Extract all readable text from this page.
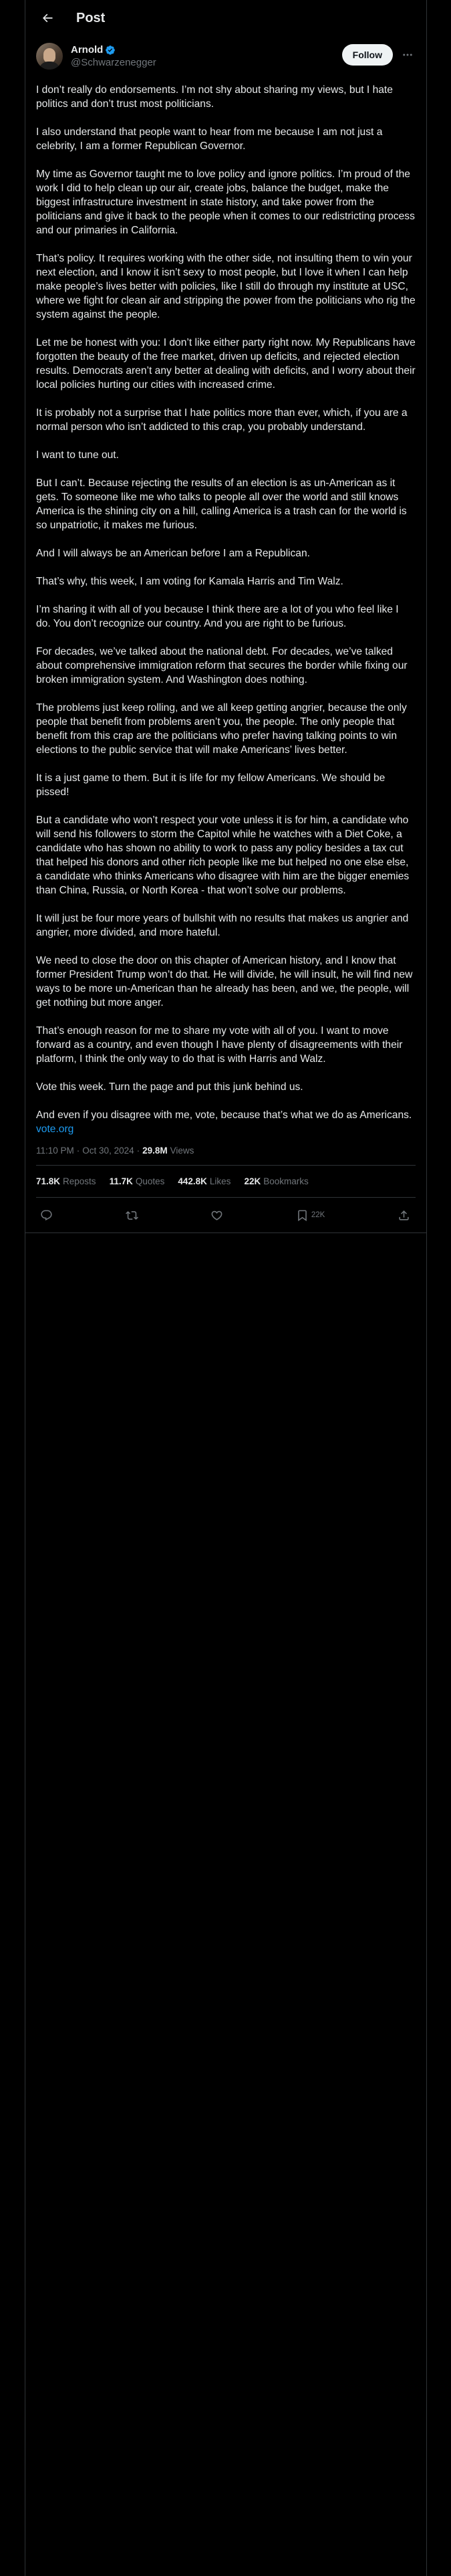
Post
Arnold
@Schwarzenegger
Follow

I don’t really do endorsements. I’m not shy about sharing my views, but I hate politics and don’t trust most politicians.

I also understand that people want to hear from me because I am not just a celebrity, I am a former Republican Governor.

My time as Governor taught me to love policy and ignore politics. I’m proud of the work I did to help clean up our air, create jobs, balance the budget, make the biggest infrastructure investment in state history, and take power from the politicians and give it back to the people when it comes to our redistricting process and our primaries in California.

That’s policy. It requires working with the other side, not insulting them to win your next election, and I know it isn’t sexy to most people, but I love it when I can help make people’s lives better with policies, like I still do through my institute at USC, where we fight for clean air and stripping the power from the politicians who rig the system against the people.

Let me be honest with you: I don’t like either party right now. My Republicans have forgotten the beauty of the free market, driven up deficits, and rejected election results. Democrats aren’t any better at dealing with deficits, and I worry about their local policies hurting our cities with increased crime.

It is probably not a surprise that I hate politics more than ever, which, if you are a normal person who isn’t addicted to this crap, you probably understand.

I want to tune out.

But I can’t. Because rejecting the results of an election is as un-American as it gets. To someone like me who talks to people all over the world and still knows America is the shining city on a hill, calling America is a trash can for the world is so unpatriotic, it makes me furious.

And I will always be an American before I am a Republican.

That’s why, this week, I am voting for Kamala Harris and Tim Walz.

I’m sharing it with all of you because I think there are a lot of you who feel like I do. You don’t recognize our country. And you are right to be furious.

For decades, we’ve talked about the national debt. For decades, we’ve talked about comprehensive immigration reform that secures the border while fixing our broken immigration system. And Washington does nothing.

The problems just keep rolling, and we all keep getting angrier, because the only people that benefit from problems aren’t you, the people. The only people that benefit from this crap are the politicians who prefer having talking points to win elections to the public service that will make Americans’ lives better.

It is a just game to them. But it is life for my fellow Americans. We should be pissed!

But a candidate who won’t respect your vote unless it is for him, a candidate who will send his followers to storm the Capitol while he watches with a Diet Coke, a candidate who has shown no ability to work to pass any policy besides a tax cut that helped his donors and other rich people like me but helped no one else else, a candidate who thinks Americans who disagree with him are the bigger enemies than China, Russia, or North Korea - that won’t solve our problems.

It will just be four more years of bullshit with no results that makes us angrier and angrier, more divided, and more hateful.

We need to close the door on this chapter of American history, and I know that former President Trump won’t do that. He will divide, he will insult, he will find new ways to be more un-American than he already has been, and we, the people, will get nothing but more anger.

That’s enough reason for me to share my vote with all of you. I want to move forward as a country, and even though I have plenty of disagreements with their platform, I think the only way to do that is with Harris and Walz.

Vote this week. Turn the page and put this junk behind us.

And even if you disagree with me, vote, because that’s what we do as Americans. vote.org

11:10 PM · Oct 30, 2024 · 29.8M Views
71.8K Reposts 11.7K Quotes 442.8K Likes 22K Bookmarks
22K
